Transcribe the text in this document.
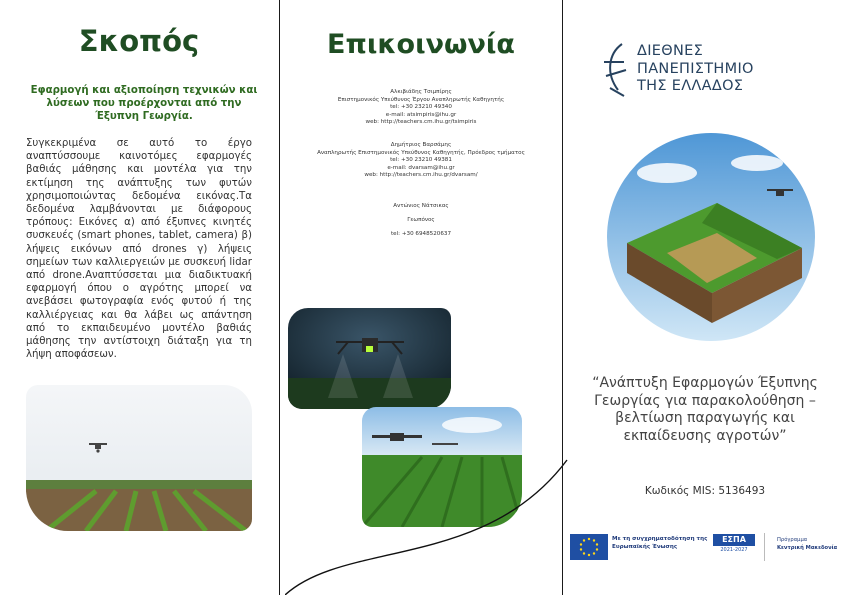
Σκοπός
Εφαρμογή και αξιοποίηση τεχνικών και λύσεων που προέρχονται από την Έξυπνη Γεωργία.
Συγκεκριμένα σε αυτό το έργο αναπτύσσουμε καινοτόμες εφαρμογές βαθιάς μάθησης και μοντέλα για την εκτίμηση της ανάπτυξης των φυτών χρησιμοποιώντας δεδομένα εικόνας.Τα δεδομένα λαμβάνονται με διάφορους τρόπους: Εικόνες α) από έξυπνες κινητές συσκευές (smart phones, tablet, camera) β) λήψεις εικόνων από drones γ) λήψεις σημείων των καλλιεργειών με συσκευή lidar από drone.Αναπτύσσεται μια διαδικτυακή εφαρμογή όπου ο αγρότης μπορεί να ανεβάσει φωτογραφία ενός φυτού ή της καλλιέργειας και θα λάβει ως απάντηση από το εκπαιδευμένο μοντέλο βαθιάς μάθησης την αντίστοιχη διάταξη για τη λήψη αποφάσεων.
Επικοινωνία
Αλκιβιάδης Τσιμπίρης
Επιστημονικός Υπεύθυνος Έργου Αναπληρωτής Καθηγητής
tel: +30 23210 49340
e-mail: atsimpiris@ihu.gr
web: http://teachers.cm.ihu.gr/tsimpiris
Δημήτριος Βαρσάμης
Αναπληρωτής Επιστημονικός Υπεύθυνος Καθηγητής, Πρόεδρος τμήματος
tel: +30 23210 49381
e-mail: dvarsam@ihu.gr
web: http://teachers.cm.ihu.gr/dvarsam/
Αντώνιος Νάτσικας
Γεωπόνος
tel: +30 6948520637
ΔΙΕΘΝΕΣ
ΠΑΝΕΠΙΣΤΗΜΙΟ
ΤΗΣ ΕΛΛΑΔΟΣ
“Ανάπτυξη Εφαρμογών Έξυπνης Γεωργίας για παρακολούθηση – βελτίωση παραγωγής και εκπαίδευσης αγροτών”
Κωδικός MIS: 5136493
Με τη συγχρηματοδότηση της Ευρωπαϊκής Ένωσης
ΕΣΠΑ
2021-2027
Πρόγραμμα
Κεντρική Μακεδονία
